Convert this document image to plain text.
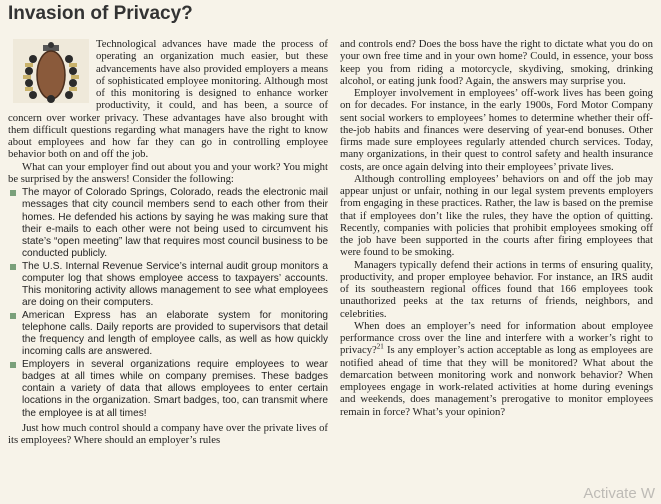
Invasion of Privacy?

Technological advances have made the process of operating an organization much easier, but these advancements have also provided employers a means of sophisticated employee monitoring. Although most of this monitoring is designed to enhance worker productivity, it could, and has been, a source of concern over worker privacy. These advantages have also brought with them difficult questions regarding what managers have the right to know about employees and how far they can go in controlling employee behavior both on and off the job.

What can your employer find out about you and your work? You might be surprised by the answers! Consider the following:

The mayor of Colorado Springs, Colorado, reads the electronic mail messages that city council members send to each other from their homes. He defended his actions by saying he was making sure that their e-mails to each other were not being used to circumvent his state’s “open meeting” law that requires most council business to be conducted publicly.
The U.S. Internal Revenue Service’s internal audit group monitors a computer log that shows employee access to taxpayers’ accounts. This monitoring activity allows management to see what employees are doing on their computers.
American Express has an elaborate system for monitoring telephone calls. Daily reports are provided to supervisors that detail the frequency and length of employee calls, as well as how quickly incoming calls are answered.
Employers in several organizations require employees to wear badges at all times while on company premises. These badges contain a variety of data that allows employees to enter certain locations in the organization. Smart badges, too, can transmit where the employee is at all times!

Just how much control should a company have over the private lives of its employees? Where should an employer’s rules

and controls end? Does the boss have the right to dictate what you do on your own free time and in your own home? Could, in essence, your boss keep you from riding a motorcycle, skydiving, smoking, drinking alcohol, or eating junk food? Again, the answers may surprise you.

Employer involvement in employees’ off-work lives has been going on for decades. For instance, in the early 1900s, Ford Motor Company sent social workers to employees’ homes to determine whether their off-the-job habits and finances were deserving of year-end bonuses. Other firms made sure employees regularly attended church services. Today, many organizations, in their quest to control safety and health insurance costs, are once again delving into their employees’ private lives.

Although controlling employees’ behaviors on and off the job may appear unjust or unfair, nothing in our legal system prevents employers from engaging in these practices. Rather, the law is based on the premise that if employees don’t like the rules, they have the option of quitting. Recently, companies with policies that prohibit employees smoking off the job have been supported in the courts after firing employees that were found to be smoking.

Managers typically defend their actions in terms of ensuring quality, productivity, and proper employee behavior. For instance, an IRS audit of its southeastern regional offices found that 166 employees took unauthorized peeks at the tax returns of friends, neighbors, and celebrities.

When does an employer’s need for information about employee performance cross over the line and interfere with a worker’s right to privacy?$^{21}$ Is any employer’s action acceptable as long as employees are notified ahead of time that they will be monitored? What about the demarcation between monitoring work and nonwork behavior? When employees engage in work-related activities at home during evenings and weekends, does management’s prerogative to monitor employees remain in force? What’s your opinion?

Activate W
